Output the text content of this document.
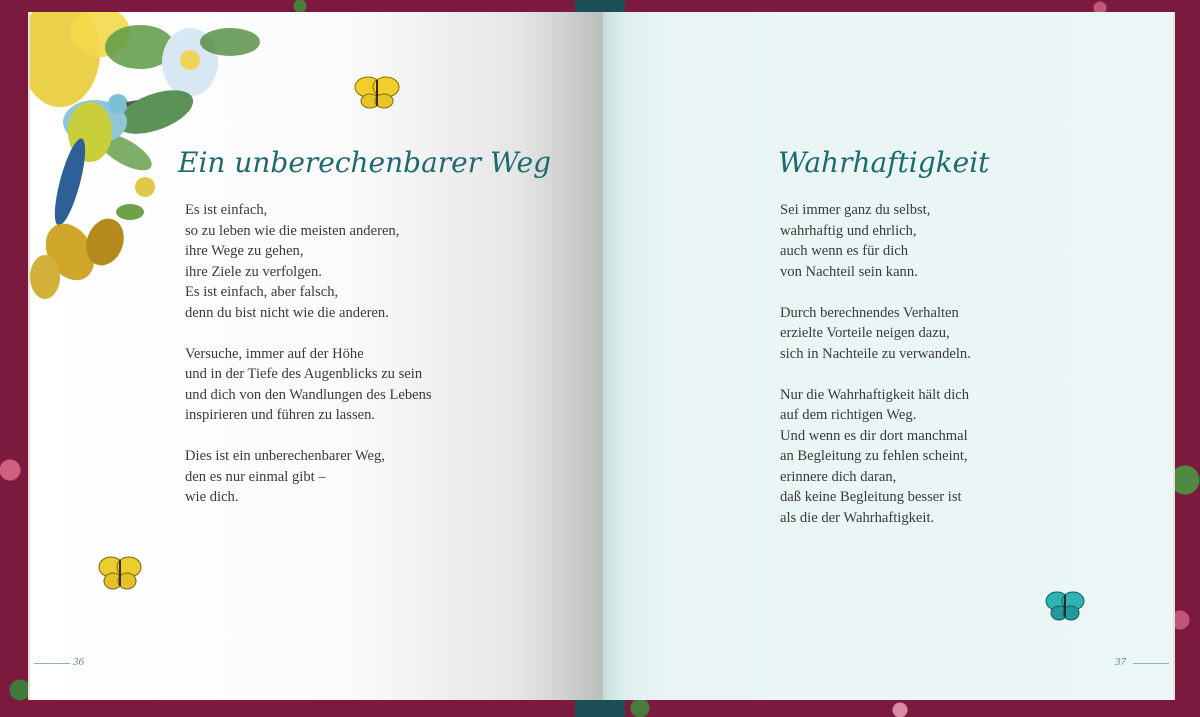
Ein unberechenbarer Weg
Es ist einfach,
so zu leben wie die meisten anderen,
ihre Wege zu gehen,
ihre Ziele zu verfolgen.
Es ist einfach, aber falsch,
denn du bist nicht wie die anderen.
Versuche, immer auf der Höhe
und in der Tiefe des Augenblicks zu sein
und dich von den Wandlungen des Lebens
inspirieren und führen zu lassen.
Dies ist ein unberechenbarer Weg,
den es nur einmal gibt –
wie dich.
36
Wahrhaftigkeit
Sei immer ganz du selbst,
wahrhaftig und ehrlich,
auch wenn es für dich
von Nachteil sein kann.
Durch berechnendes Verhalten
erzielte Vorteile neigen dazu,
sich in Nachteile zu verwandeln.
Nur die Wahrhaftigkeit hält dich
auf dem richtigen Weg.
Und wenn es dir dort manchmal
an Begleitung zu fehlen scheint,
erinnere dich daran,
daß keine Begleitung besser ist
als die der Wahrhaftigkeit.
37
